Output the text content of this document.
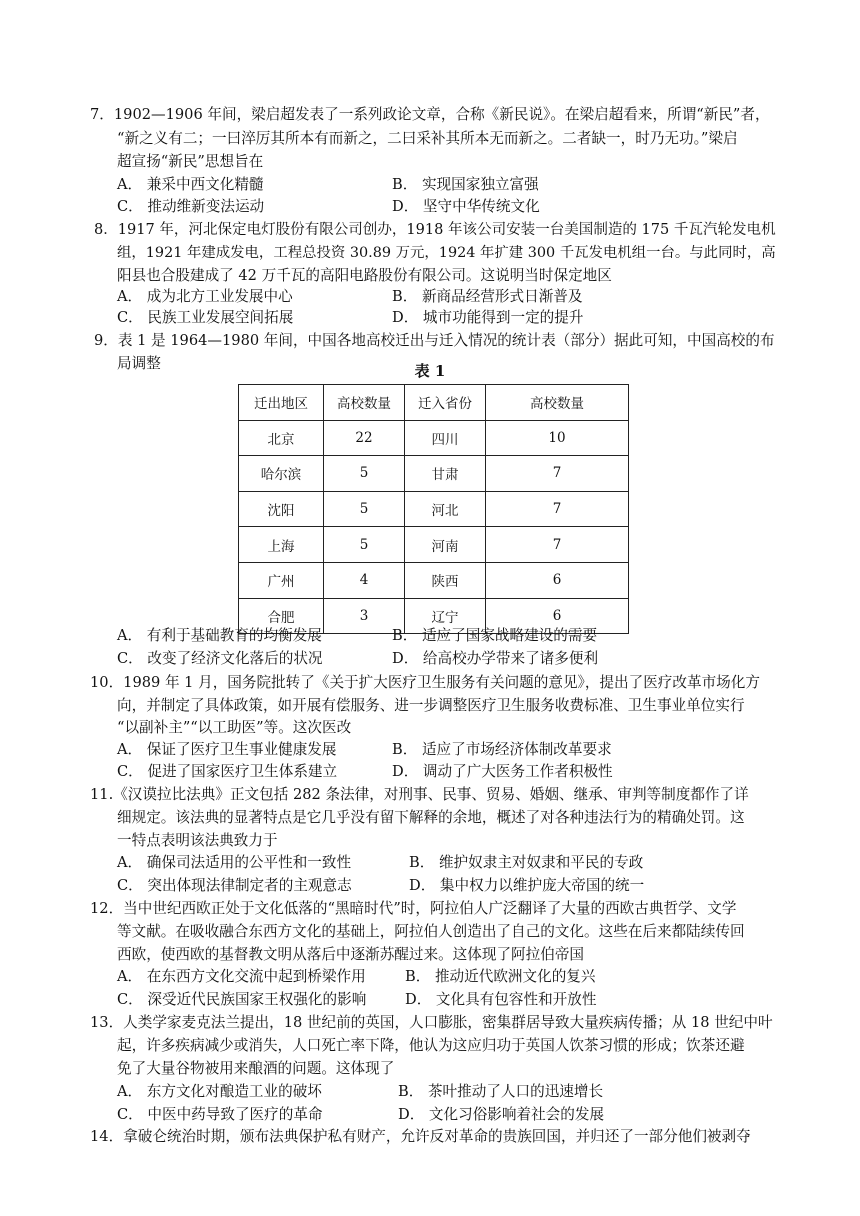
7．1902—1906 年间，梁启超发表了一系列政论文章，合称《新民说》。在梁启超看来，所谓“新民”者，
“新之义有二；一曰淬厉其所本有而新之，二曰采补其所本无而新之。二者缺一，时乃无功。”梁启
超宣扬“新民”思想旨在
A． 兼采中西文化精髓	B． 实现国家独立富强
C． 推动维新变法运动	D． 坚守中华传统文化
8．1917 年，河北保定电灯股份有限公司创办，1918 年该公司安装一台美国制造的 175 千瓦汽轮发电机
组，1921 年建成发电，工程总投资 30.89 万元，1924 年扩建 300 千瓦发电机组一台。与此同时，高
阳县也合股建成了 42 万千瓦的高阳电路股份有限公司。这说明当时保定地区
A． 成为北方工业发展中心	B． 新商品经营形式日渐普及
C． 民族工业发展空间拓展	D． 城市功能得到一定的提升
9．表 1 是 1964—1980 年间，中国各地高校迁出与迁入情况的统计表（部分）据此可知，中国高校的布
局调整	表 1
迁出地区	高校数量	迁入省份	高校数量
北京	22	四川	10
哈尔滨	5	甘肃	7
沈阳	5	河北	7
上海	5	河南	7
广州	4	陕西	6
合肥	3	辽宁	6
A． 有利于基础教育的均衡发展	B． 适应了国家战略建设的需要
C． 改变了经济文化落后的状况	D． 给高校办学带来了诸多便利
10．1989 年 1 月，国务院批转了《关于扩大医疗卫生服务有关问题的意见》，提出了医疗改革市场化方
向，并制定了具体政策，如开展有偿服务、进一步调整医疗卫生服务收费标准、卫生事业单位实行
“以副补主”“以工助医”等。这次医改
A． 保证了医疗卫生事业健康发展	B． 适应了市场经济体制改革要求
C． 促进了国家医疗卫生体系建立	D． 调动了广大医务工作者积极性
11.《汉谟拉比法典》正文包括 282 条法律，对刑事、民事、贸易、婚姻、继承、审判等制度都作了详
细规定。该法典的显著特点是它几乎没有留下解释的余地，概述了对各种违法行为的精确处罚。这
一特点表明该法典致力于
A． 确保司法适用的公平性和一致性	B． 维护奴隶主对奴隶和平民的专政
C． 突出体现法律制定者的主观意志	D． 集中权力以维护庞大帝国的统一
12．当中世纪西欧正处于文化低落的“黑暗时代”时，阿拉伯人广泛翻译了大量的西欧古典哲学、文学
等文献。在吸收融合东西方文化的基础上，阿拉伯人创造出了自己的文化。这些在后来都陆续传回
西欧，使西欧的基督教文明从落后中逐渐苏醒过来。这体现了阿拉伯帝国
A． 在东西方文化交流中起到桥梁作用	B． 推动近代欧洲文化的复兴
C． 深受近代民族国家王权强化的影响	D． 文化具有包容性和开放性
13．人类学家麦克法兰提出，18 世纪前的英国，人口膨胀，密集群居导致大量疾病传播；从 18 世纪中叶
起，许多疾病减少或消失，人口死亡率下降，他认为这应归功于英国人饮茶习惯的形成；饮茶还避
免了大量谷物被用来酿酒的问题。这体现了
A． 东方文化对酿造工业的破坏	B． 茶叶推动了人口的迅速增长
C． 中医中药导致了医疗的革命	D． 文化习俗影响着社会的发展
14．拿破仑统治时期，颁布法典保护私有财产，允许反对革命的贵族回国，并归还了一部分他们被剥夺
